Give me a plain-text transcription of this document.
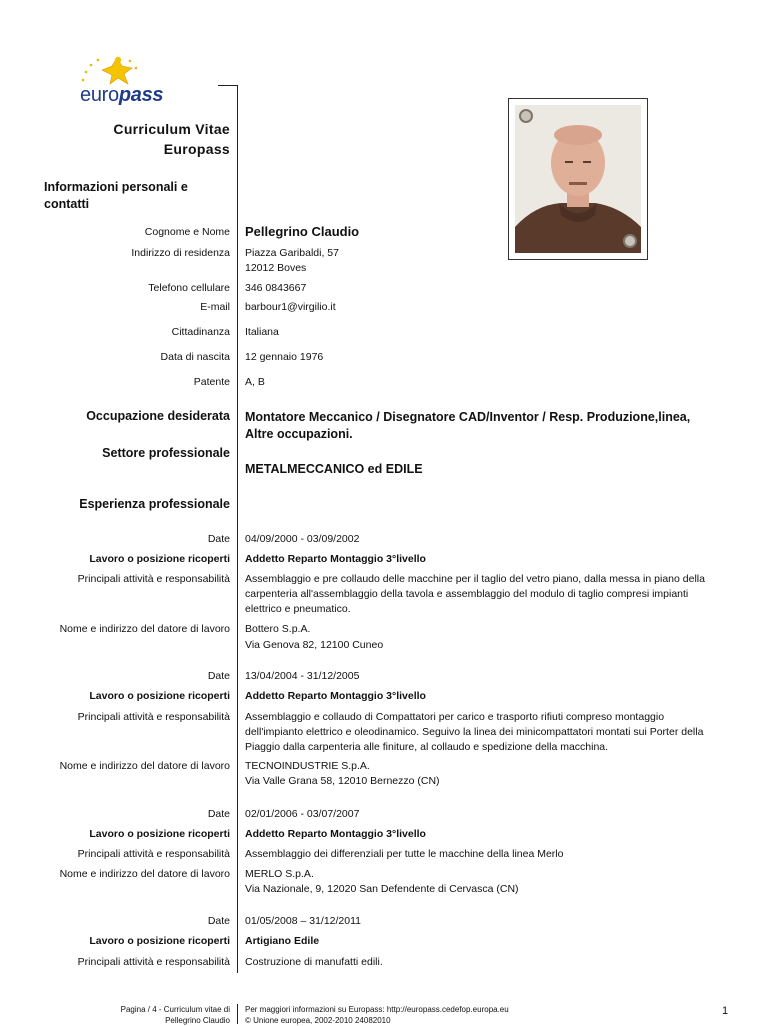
europass
Curriculum Vitae
Europass
Informazioni personali e contatti
Cognome e Nome Pellegrino Claudio
Indirizzo di residenza Piazza Garibaldi, 57
12012 Boves
Telefono cellulare 346 0843667
E-mail barbour1@virgilio.it
Cittadinanza Italiana
Data di nascita 12 gennaio 1976
Patente A, B
Occupazione desiderata Montatore Meccanico / Disegnatore CAD/Inventor / Resp. Produzione,linea,
Altre occupazioni.
Settore professionale
METALMECCANICO ed EDILE
Esperienza professionale
Date 04/09/2000 - 03/09/2002
Lavoro o posizione ricoperti Addetto Reparto Montaggio 3°livello
Principali attività e responsabilità Assemblaggio e pre collaudo delle macchine per il taglio del vetro piano, dalla messa in piano della
carpenteria all'assemblaggio della tavola e assemblaggio del modulo di taglio compresi impianti
elettrico e pneumatico.
Nome e indirizzo del datore di lavoro Bottero S.p.A.
Via Genova 82, 12100 Cuneo
Date 13/04/2004 - 31/12/2005
Lavoro o posizione ricoperti Addetto Reparto Montaggio 3°livello
Principali attività e responsabilità Assemblaggio e collaudo di Compattatori per carico e trasporto rifiuti compreso montaggio
dell'impianto elettrico e oleodinamico. Seguivo la linea dei minicompattatori montati sui Porter della
Piaggio dalla carpenteria alle finiture, al collaudo e spedizione della macchina.
Nome e indirizzo del datore di lavoro TECNOINDUSTRIE S.p.A.
Via Valle Grana 58, 12010 Bernezzo (CN)
Date 02/01/2006 - 03/07/2007
Lavoro o posizione ricoperti Addetto Reparto Montaggio 3°livello
Principali attività e responsabilità Assemblaggio dei differenziali per tutte le macchine della linea Merlo
Nome e indirizzo del datore di lavoro MERLO S.p.A.
Via Nazionale, 9, 12020 San Defendente di Cervasca (CN)
Date 01/05/2008 – 31/12/2011
Lavoro o posizione ricoperti Artigiano Edile
Principali attività e responsabilità Costruzione di manufatti edili.
Pagina / 4 - Curriculum vitae di
Pellegrino Claudio
Per maggiori informazioni su Europass: http://europass.cedefop.europa.eu
© Unione europea, 2002-2010 24082010
1
